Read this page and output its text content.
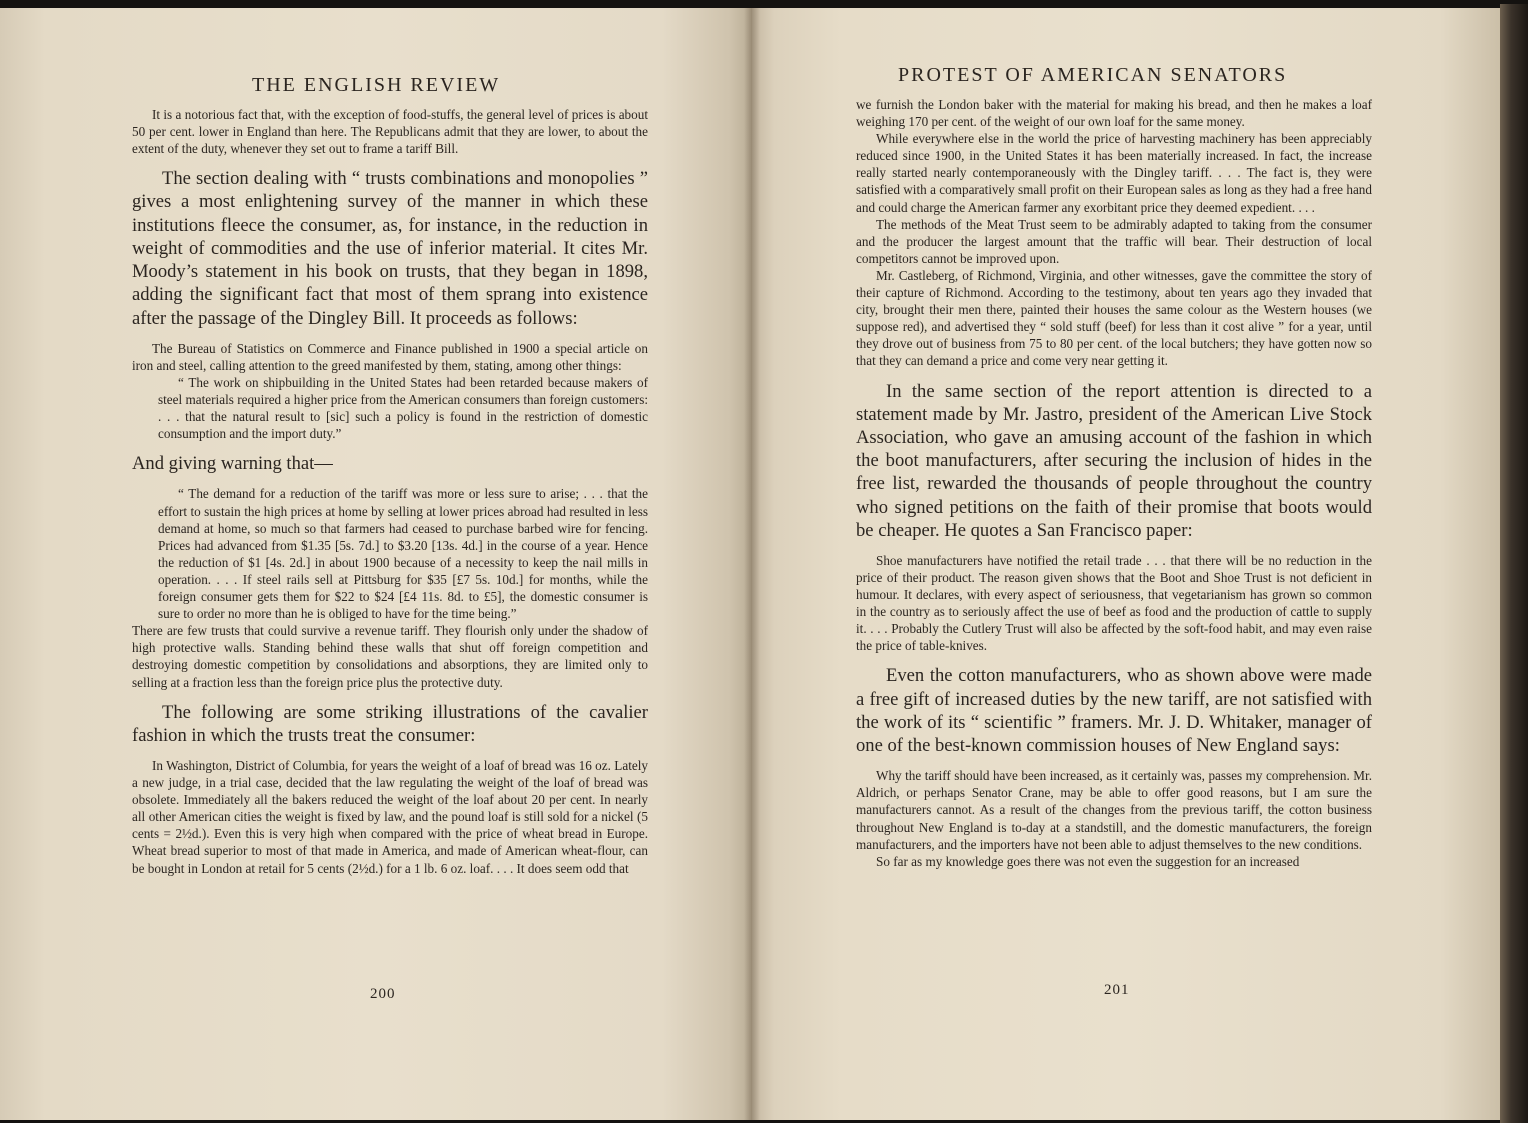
THE ENGLISH REVIEW

It is a notorious fact that, with the exception of food-stuffs, the general level of prices is about 50 per cent. lower in England than here. The Republicans admit that they are lower, to about the extent of the duty, whenever they set out to frame a tariff Bill.

The section dealing with “ trusts combinations and monopolies ” gives a most enlightening survey of the manner in which these institutions fleece the consumer, as, for instance, in the reduction in weight of commodities and the use of inferior material. It cites Mr. Moody’s statement in his book on trusts, that they began in 1898, adding the significant fact that most of them sprang into existence after the passage of the Dingley Bill. It proceeds as follows:

The Bureau of Statistics on Commerce and Finance published in 1900 a special article on iron and steel, calling attention to the greed manifested by them, stating, among other things:

“ The work on shipbuilding in the United States had been retarded because makers of steel materials required a higher price from the American consumers than foreign customers: . . . that the natural result to [sic] such a policy is found in the restriction of domestic consumption and the import duty.”

And giving warning that—

“ The demand for a reduction of the tariff was more or less sure to arise; . . . that the effort to sustain the high prices at home by selling at lower prices abroad had resulted in less demand at home, so much so that farmers had ceased to purchase barbed wire for fencing. Prices had advanced from $1.35 [5s. 7d.] to $3.20 [13s. 4d.] in the course of a year. Hence the reduction of $1 [4s. 2d.] in about 1900 because of a necessity to keep the nail mills in operation. . . . If steel rails sell at Pittsburg for $35 [£7 5s. 10d.] for months, while the foreign consumer gets them for $22 to $24 [£4 11s. 8d. to £5], the domestic consumer is sure to order no more than he is obliged to have for the time being.”

There are few trusts that could survive a revenue tariff. They flourish only under the shadow of high protective walls. Standing behind these walls that shut off foreign competition and destroying domestic competition by consolidations and absorptions, they are limited only to selling at a fraction less than the foreign price plus the protective duty.

The following are some striking illustrations of the cavalier fashion in which the trusts treat the consumer:

In Washington, District of Columbia, for years the weight of a loaf of bread was 16 oz. Lately a new judge, in a trial case, decided that the law regulating the weight of the loaf of bread was obsolete. Immediately all the bakers reduced the weight of the loaf about 20 per cent. In nearly all other American cities the weight is fixed by law, and the pound loaf is still sold for a nickel (5 cents = 2½d.). Even this is very high when compared with the price of wheat bread in Europe. Wheat bread superior to most of that made in America, and made of American wheat-flour, can be bought in London at retail for 5 cents (2½d.) for a 1 lb. 6 oz. loaf. . . . It does seem odd that

200

PROTEST OF AMERICAN SENATORS

we furnish the London baker with the material for making his bread, and then he makes a loaf weighing 170 per cent. of the weight of our own loaf for the same money.

While everywhere else in the world the price of harvesting machinery has been appreciably reduced since 1900, in the United States it has been materially increased. In fact, the increase really started nearly contemporaneously with the Dingley tariff. . . . The fact is, they were satisfied with a comparatively small profit on their European sales as long as they had a free hand and could charge the American farmer any exorbitant price they deemed expedient. . . .

The methods of the Meat Trust seem to be admirably adapted to taking from the consumer and the producer the largest amount that the traffic will bear. Their destruction of local competitors cannot be improved upon.

Mr. Castleberg, of Richmond, Virginia, and other witnesses, gave the committee the story of their capture of Richmond. According to the testimony, about ten years ago they invaded that city, brought their men there, painted their houses the same colour as the Western houses (we suppose red), and advertised they “ sold stuff (beef) for less than it cost alive ” for a year, until they drove out of business from 75 to 80 per cent. of the local butchers; they have gotten now so that they can demand a price and come very near getting it.

In the same section of the report attention is directed to a statement made by Mr. Jastro, president of the American Live Stock Association, who gave an amusing account of the fashion in which the boot manufacturers, after securing the inclusion of hides in the free list, rewarded the thousands of people throughout the country who signed petitions on the faith of their promise that boots would be cheaper. He quotes a San Francisco paper:

Shoe manufacturers have notified the retail trade . . . that there will be no reduction in the price of their product. The reason given shows that the Boot and Shoe Trust is not deficient in humour. It declares, with every aspect of seriousness, that vegetarianism has grown so common in the country as to seriously affect the use of beef as food and the production of cattle to supply it. . . . Probably the Cutlery Trust will also be affected by the soft-food habit, and may even raise the price of table-knives.

Even the cotton manufacturers, who as shown above were made a free gift of increased duties by the new tariff, are not satisfied with the work of its “ scientific ” framers. Mr. J. D. Whitaker, manager of one of the best-known commission houses of New England says:

Why the tariff should have been increased, as it certainly was, passes my comprehension. Mr. Aldrich, or perhaps Senator Crane, may be able to offer good reasons, but I am sure the manufacturers cannot. As a result of the changes from the previous tariff, the cotton business throughout New England is to-day at a standstill, and the domestic manufacturers, the foreign manufacturers, and the importers have not been able to adjust themselves to the new conditions.

So far as my knowledge goes there was not even the suggestion for an increased

201
